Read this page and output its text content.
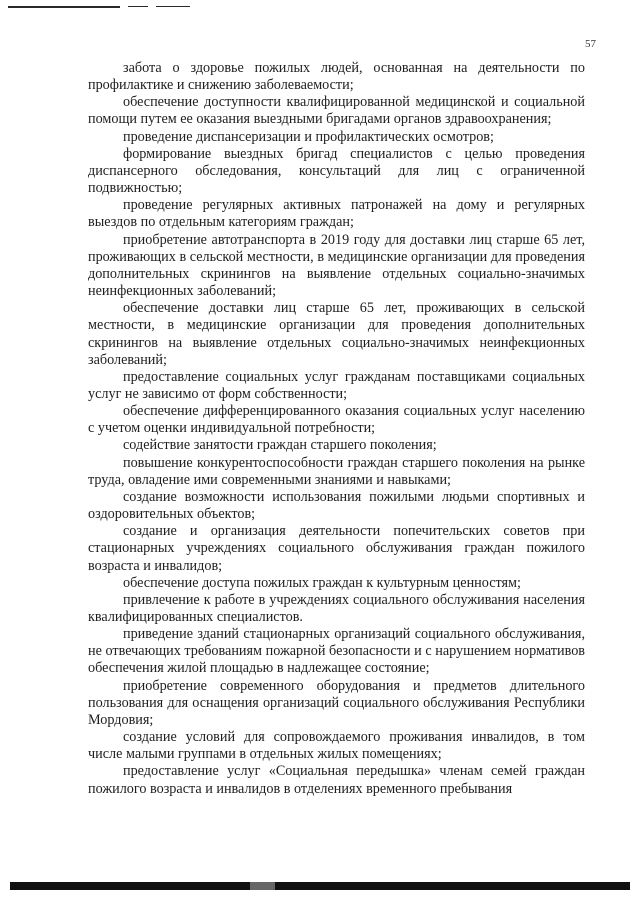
57

забота о здоровье пожилых людей, основанная на деятельности по профилактике и снижению заболеваемости;

обеспечение доступности квалифицированной медицинской и социальной помощи путем ее оказания выездными бригадами органов здравоохранения;

проведение диспансеризации и профилактических осмотров;

формирование выездных бригад специалистов с целью проведения диспансерного обследования, консультаций для лиц с ограниченной подвижностью;

проведение регулярных активных патронажей на дому и регулярных выездов по отдельным категориям граждан;

приобретение автотранспорта в 2019 году для доставки лиц старше 65 лет, проживающих в сельской местности, в медицинские организации для проведения дополнительных скринингов на выявление отдельных социально-значимых неинфекционных заболеваний;

обеспечение доставки лиц старше 65 лет, проживающих в сельской местности, в медицинские организации для проведения дополнительных скринингов на выявление отдельных социально-значимых неинфекционных заболеваний;

предоставление социальных услуг гражданам поставщиками социальных услуг не зависимо от форм собственности;

обеспечение дифференцированного оказания социальных услуг населению с учетом оценки индивидуальной потребности;

содействие занятости граждан старшего поколения;

повышение конкурентоспособности граждан старшего поколения на рынке труда, овладение ими современными знаниями и навыками;

создание возможности использования пожилыми людьми спортивных и оздоровительных объектов;

создание и организация деятельности попечительских советов при стационарных учреждениях социального обслуживания граждан пожилого возраста и инвалидов;

обеспечение доступа пожилых граждан к культурным ценностям;

привлечение к работе в учреждениях социального обслуживания населения квалифицированных специалистов.

приведение зданий стационарных организаций социального обслуживания, не отвечающих требованиям пожарной безопасности и с нарушением нормативов обеспечения жилой площадью в надлежащее состояние;

приобретение современного оборудования и предметов длительного пользования для оснащения организаций социального обслуживания Республики Мордовия;

создание условий для сопровождаемого проживания инвалидов, в том числе малыми группами в отдельных жилых помещениях;

предоставление услуг «Социальная передышка» членам семей граждан пожилого возраста и инвалидов в отделениях временного пребывания
